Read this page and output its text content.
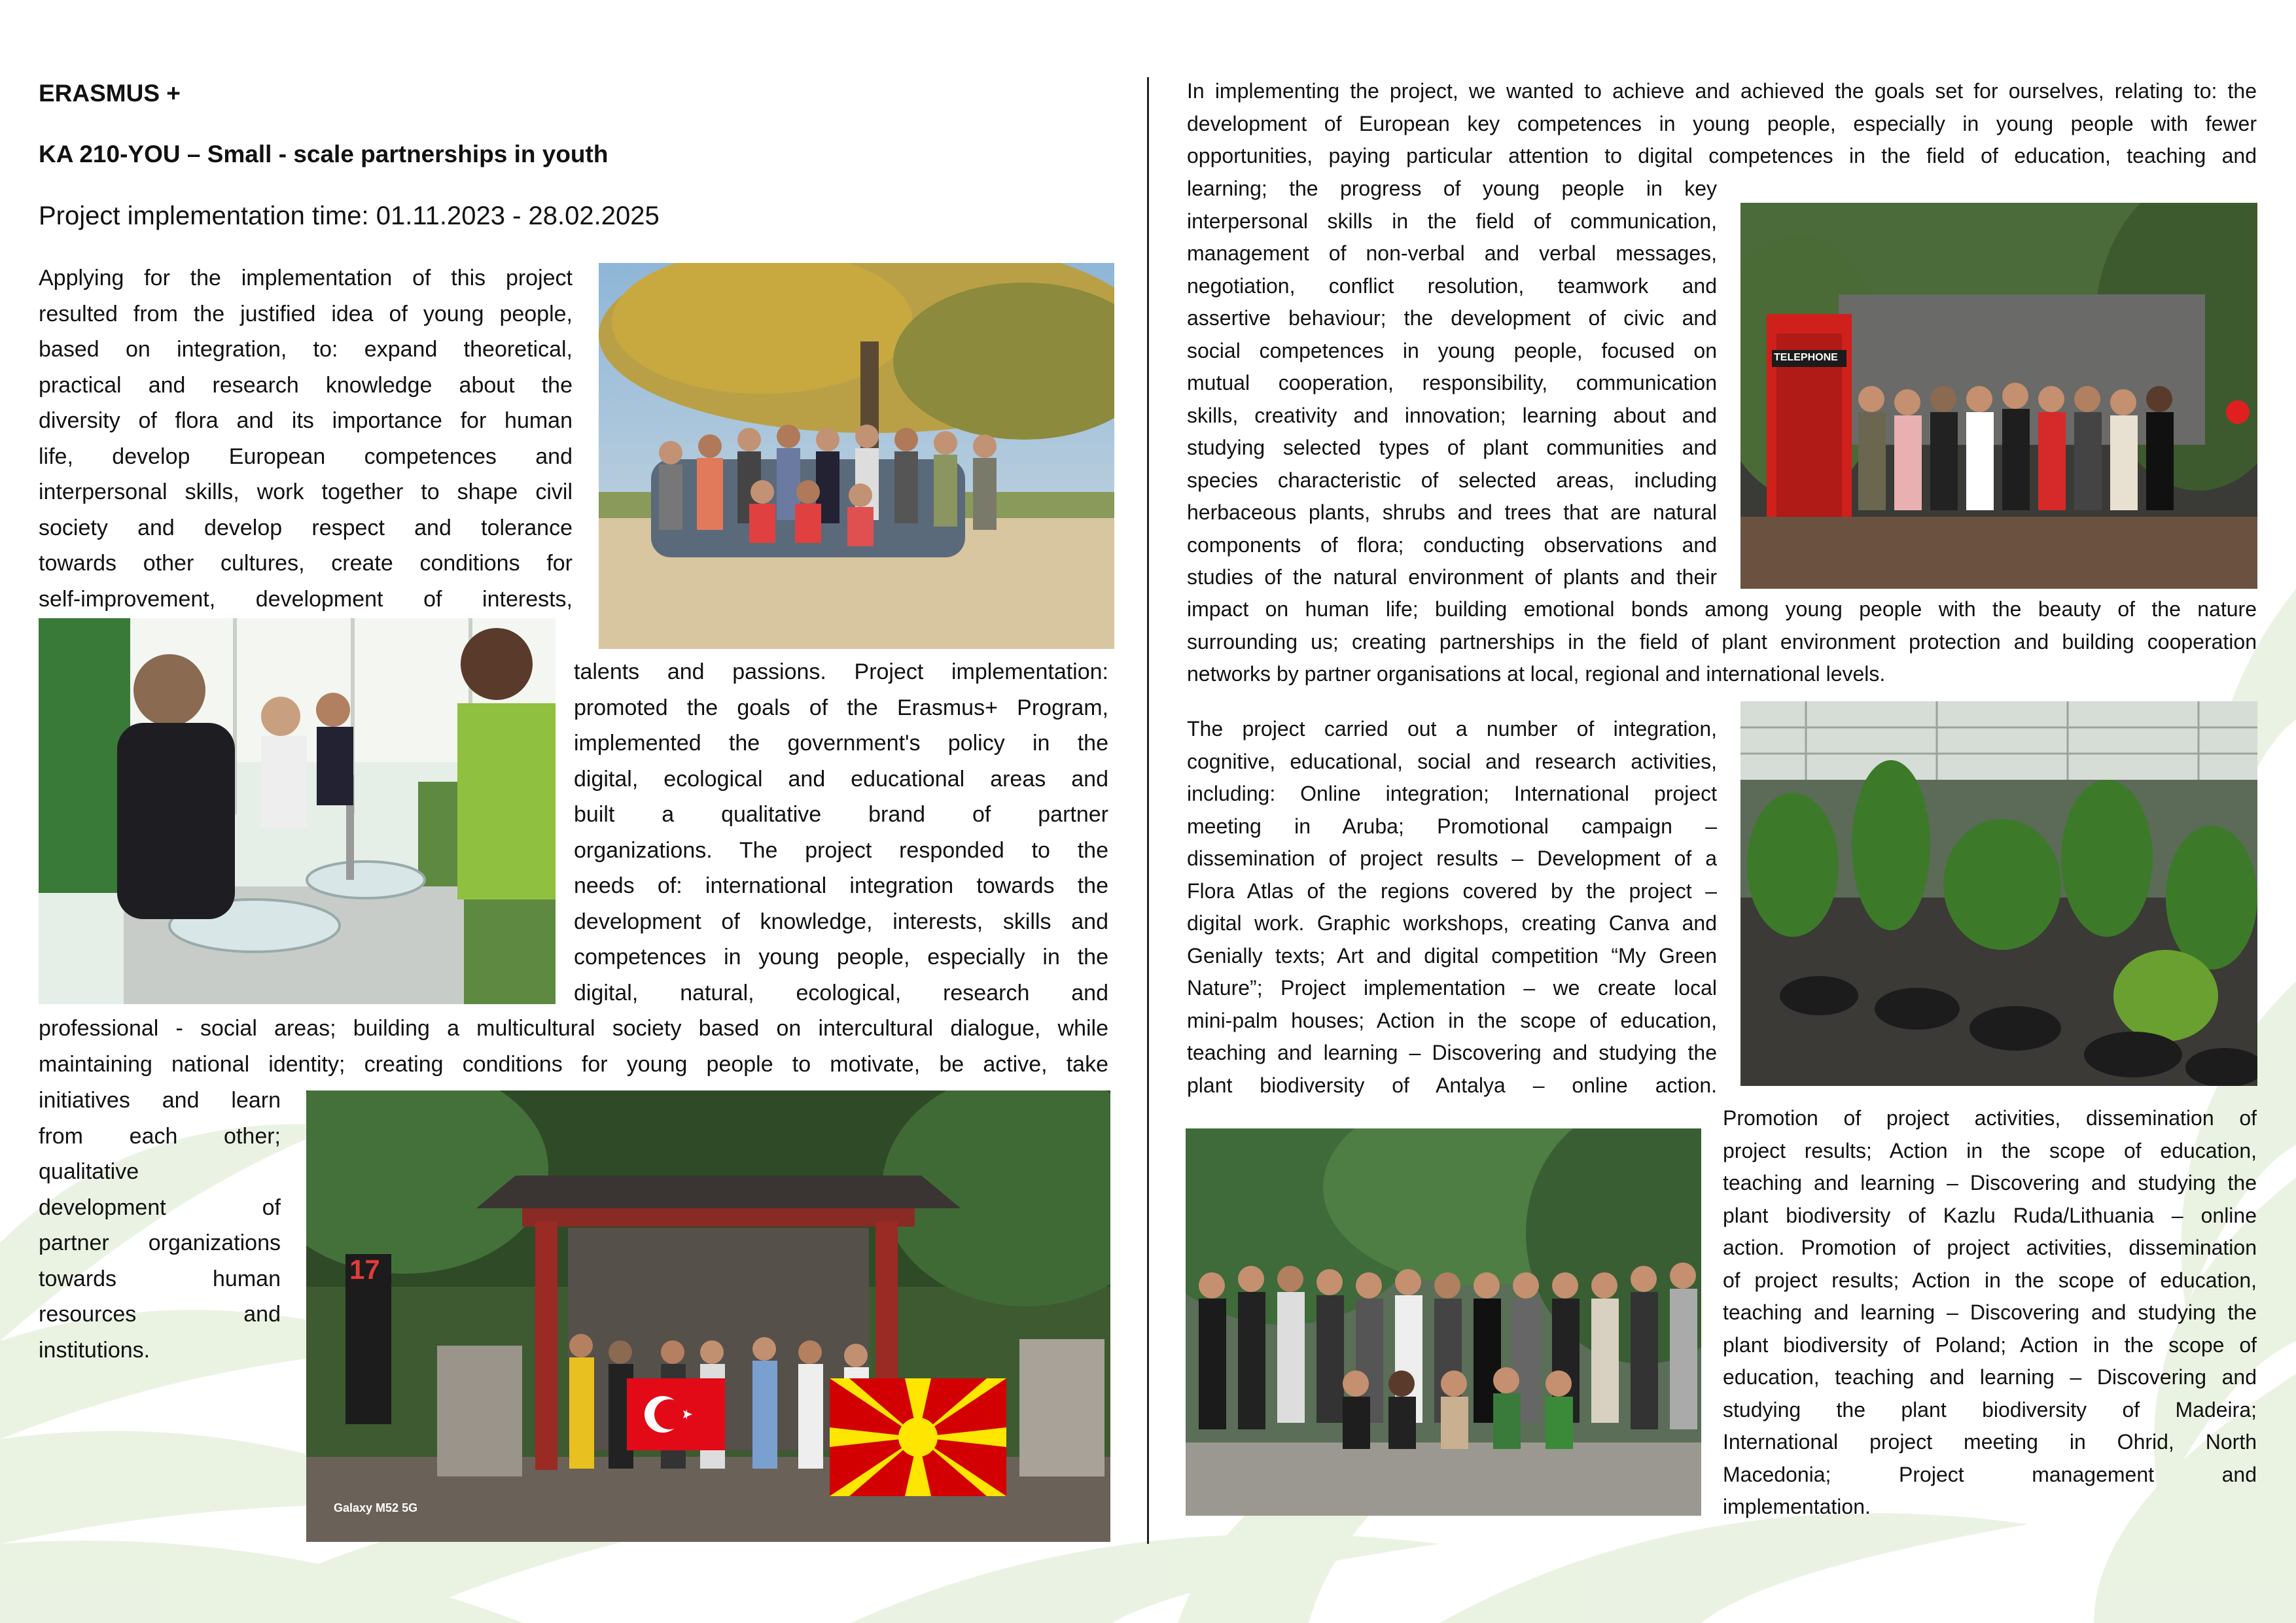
ERASMUS +
KA 210-YOU – Small - scale partnerships in youth
Project implementation time: 01.11.2023 - 28.02.2025
Applying for the implementation of this project
resulted from the justified idea of young people,
based on integration, to: expand theoretical,
practical and research knowledge about the
diversity of flora and its importance for human
life, develop European competences and
interpersonal skills, work together to shape civil
society and develop respect and tolerance
towards other cultures, create conditions for
self-improvement, development of interests,
talents and passions. Project implementation:
promoted the goals of the Erasmus+ Program,
implemented the government's policy in the
digital, ecological and educational areas and
built a qualitative brand of partner
organizations. The project responded to the
needs of: international integration towards the
development of knowledge, interests, skills and
competences in young people, especially in the
digital, natural, ecological, research and
professional - social areas; building a multicultural society based on intercultural dialogue, while
maintaining national identity; creating conditions for young people to motivate, be active, take
initiatives and learn
from each other;
qualitative
development of
partner organizations
towards human
resources and
institutions.
Galaxy M52 5G
17
In implementing the project, we wanted to achieve and achieved the goals set for ourselves, relating to: the
development of European key competences in young people, especially in young people with fewer
opportunities, paying particular attention to digital competences in the field of education, teaching and
learning; the progress of young people in key
interpersonal skills in the field of communication,
management of non-verbal and verbal messages,
negotiation, conflict resolution, teamwork and
assertive behaviour; the development of civic and
social competences in young people, focused on
mutual cooperation, responsibility, communication
skills, creativity and innovation; learning about and
studying selected types of plant communities and
species characteristic of selected areas, including
herbaceous plants, shrubs and trees that are natural
components of flora; conducting observations and
studies of the natural environment of plants and their
impact on human life; building emotional bonds among young people with the beauty of the nature
surrounding us; creating partnerships in the field of plant environment protection and building cooperation
networks by partner organisations at local, regional and international levels.
The project carried out a number of integration,
cognitive, educational, social and research activities,
including: Online integration; International project
meeting in Aruba; Promotional campaign –
dissemination of project results – Development of a
Flora Atlas of the regions covered by the project –
digital work. Graphic workshops, creating Canva and
Genially texts; Art and digital competition “My Green
Nature”; Project implementation – we create local
mini-palm houses; Action in the scope of education,
teaching and learning – Discovering and studying the
plant biodiversity of Antalya – online action.
Promotion of project activities, dissemination of
project results; Action in the scope of education,
teaching and learning – Discovering and studying the
plant biodiversity of Kazlu Ruda/Lithuania – online
action. Promotion of project activities, dissemination
of project results; Action in the scope of education,
teaching and learning – Discovering and studying the
plant biodiversity of Poland; Action in the scope of
education, teaching and learning – Discovering and
studying the plant biodiversity of Madeira;
International project meeting in Ohrid, North
Macedonia; Project management and
implementation.
TELEPHONE
